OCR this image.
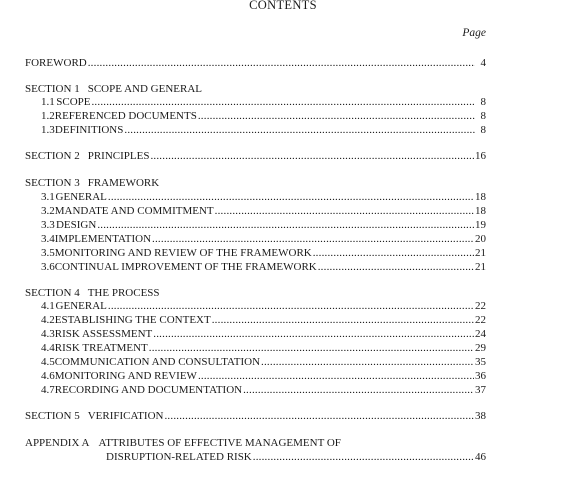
CONTENTS
Page
FOREWORD .....	4
SECTION 1 SCOPE AND GENERAL
1.1 SCOPE .....	8
1.2 REFERENCED DOCUMENTS .....	8
1.3 DEFINITIONS .....	8
SECTION 2 PRINCIPLES .....	16
SECTION 3 FRAMEWORK
3.1 GENERAL .....	18
3.2 MANDATE AND COMMITMENT .....	18
3.3 DESIGN .....	19
3.4 IMPLEMENTATION .....	20
3.5 MONITORING AND REVIEW OF THE FRAMEWORK .....	21
3.6 CONTINUAL IMPROVEMENT OF THE FRAMEWORK .....	21
SECTION 4 THE PROCESS
4.1 GENERAL .....	22
4.2 ESTABLISHING THE CONTEXT .....	22
4.3 RISK ASSESSMENT .....	24
4.4 RISK TREATMENT .....	29
4.5 COMMUNICATION AND CONSULTATION .....	35
4.6 MONITORING AND REVIEW .....	36
4.7 RECORDING AND DOCUMENTATION .....	37
SECTION 5 VERIFICATION .....	38
APPENDIX A ATTRIBUTES OF EFFECTIVE MANAGEMENT OF
DISRUPTION-RELATED RISK .....	46
